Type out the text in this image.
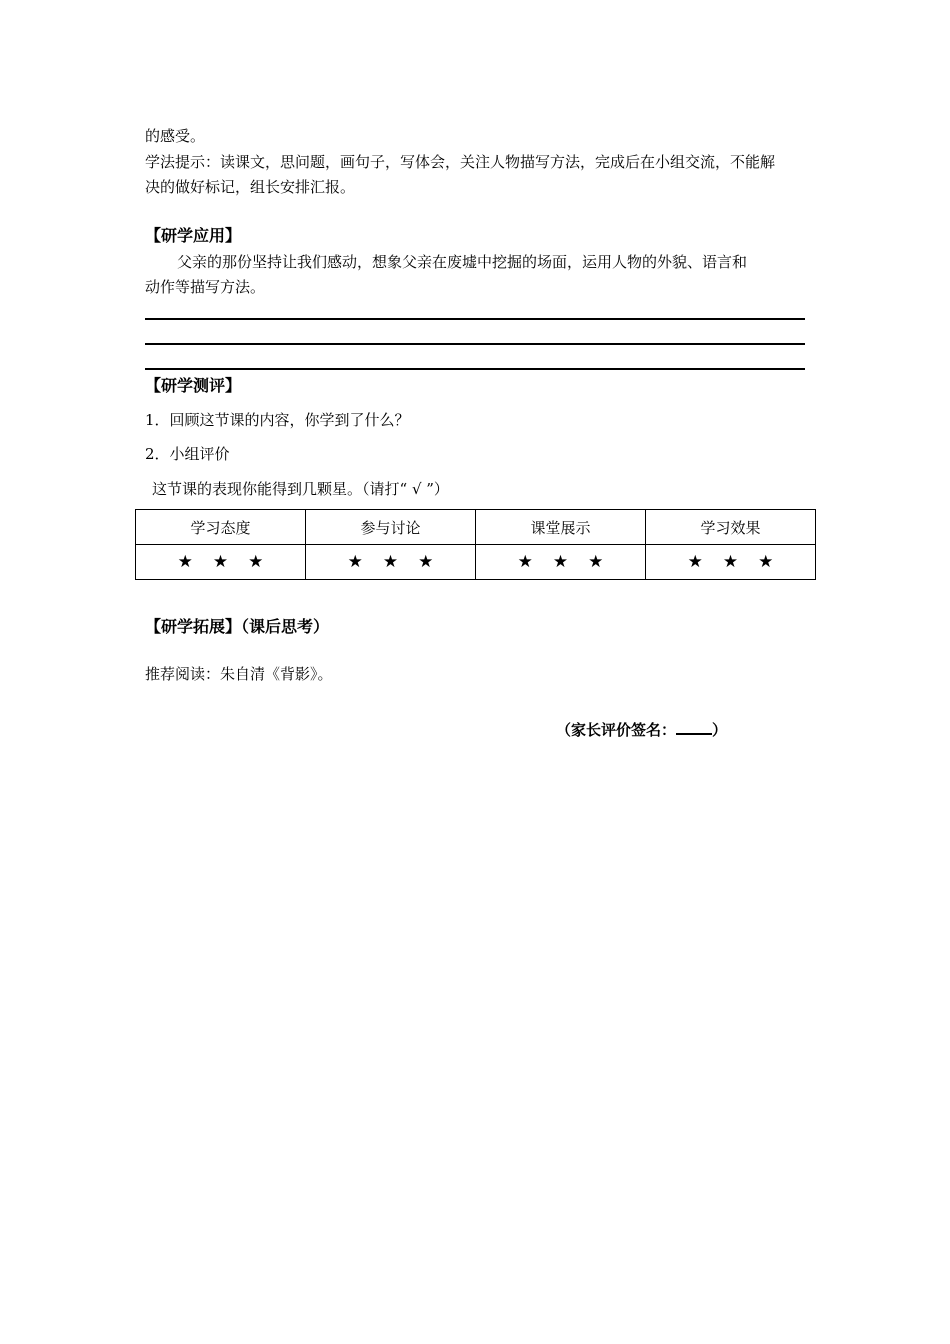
的感受。
学法提示：读课文，思问题，画句子，写体会，关注人物描写方法，完成后在小组交流，不能解
决的做好标记，组长安排汇报。
【研学应用】
父亲的那份坚持让我们感动，想象父亲在废墟中挖掘的场面，运用人物的外貌、语言和
动作等描写方法。
【研学测评】
1．回顾这节课的内容，你学到了什么？
2．小组评价
这节课的表现你能得到几颗星。（请打“ √ ”）
学习态度	参与讨论	课堂展示	学习效果
★ ★ ★	★ ★ ★	★ ★ ★	★ ★ ★
【研学拓展】（课后思考）
推荐阅读：朱自清《背影》。
（家长评价签名： ）
